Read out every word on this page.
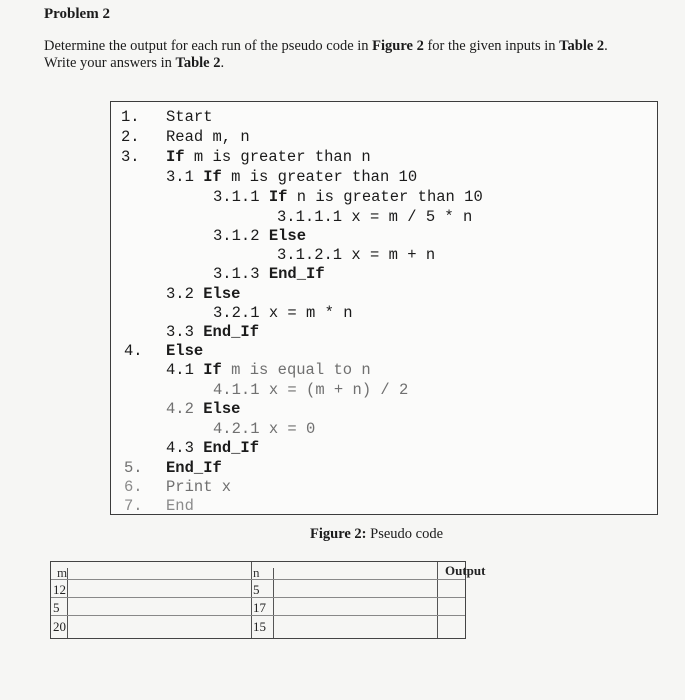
Problem 2
Determine the output for each run of the pseudo code in Figure 2 for the given inputs in Table 2.
Write your answers in Table 2.
1.
2.
3.
4.
5.
6.
7.
Start
Read m, n
If m is greater than n
3.1 If m is greater than 10
3.1.1 If n is greater than 10
3.1.1.1 x = m / 5 * n
3.1.2 Else
3.1.2.1 x = m + n
3.1.3 End_If
3.2 Else
3.2.1 x = m * n
3.3 End_If
Else
4.1 If m is equal to n
4.1.1 x = (m + n) / 2
4.2 Else
4.2.1 x = 0
4.3 End_If
End_If
Print x
End
Figure 2: Pseudo code
m	n	Output
12	5
5	17
20	15
